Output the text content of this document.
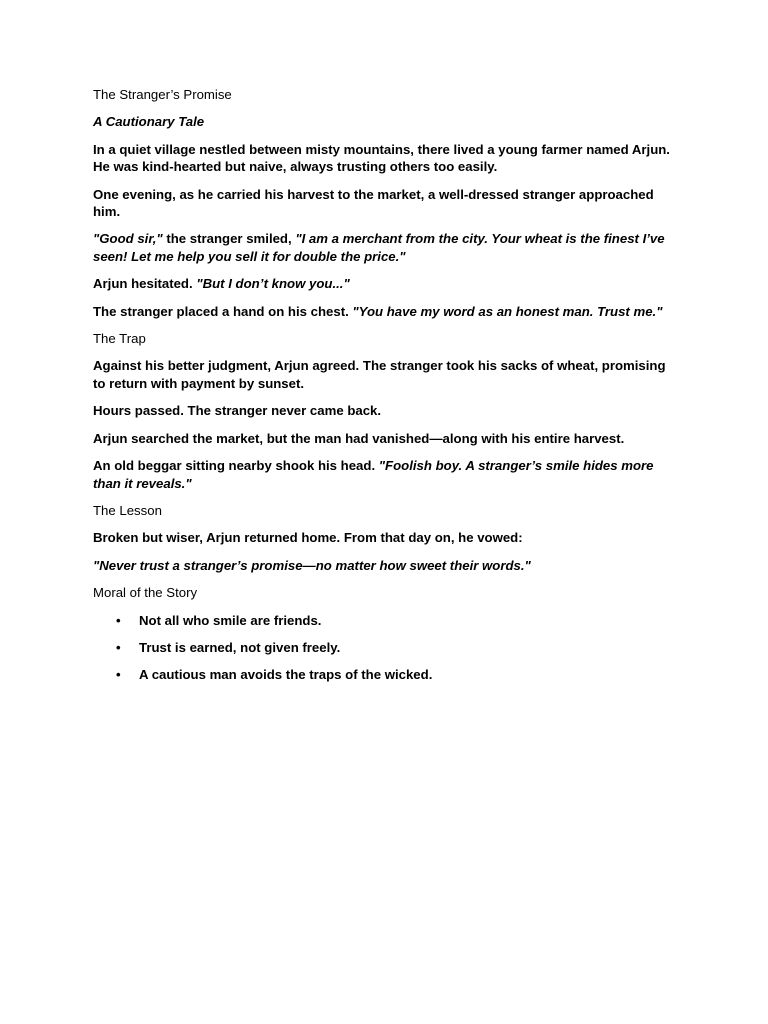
The Stranger’s Promise

A Cautionary Tale

In a quiet village nestled between misty mountains, there lived a young farmer named Arjun. He was kind-hearted but naive, always trusting others too easily.

One evening, as he carried his harvest to the market, a well-dressed stranger approached him.

"Good sir," the stranger smiled, "I am a merchant from the city. Your wheat is the finest I’ve seen! Let me help you sell it for double the price."

Arjun hesitated. "But I don’t know you..."

The stranger placed a hand on his chest. "You have my word as an honest man. Trust me."

The Trap

Against his better judgment, Arjun agreed. The stranger took his sacks of wheat, promising to return with payment by sunset.

Hours passed. The stranger never came back.

Arjun searched the market, but the man had vanished—along with his entire harvest.

An old beggar sitting nearby shook his head. "Foolish boy. A stranger’s smile hides more than it reveals."

The Lesson

Broken but wiser, Arjun returned home. From that day on, he vowed:

"Never trust a stranger’s promise—no matter how sweet their words."

Moral of the Story

• Not all who smile are friends.
• Trust is earned, not given freely.
• A cautious man avoids the traps of the wicked.
